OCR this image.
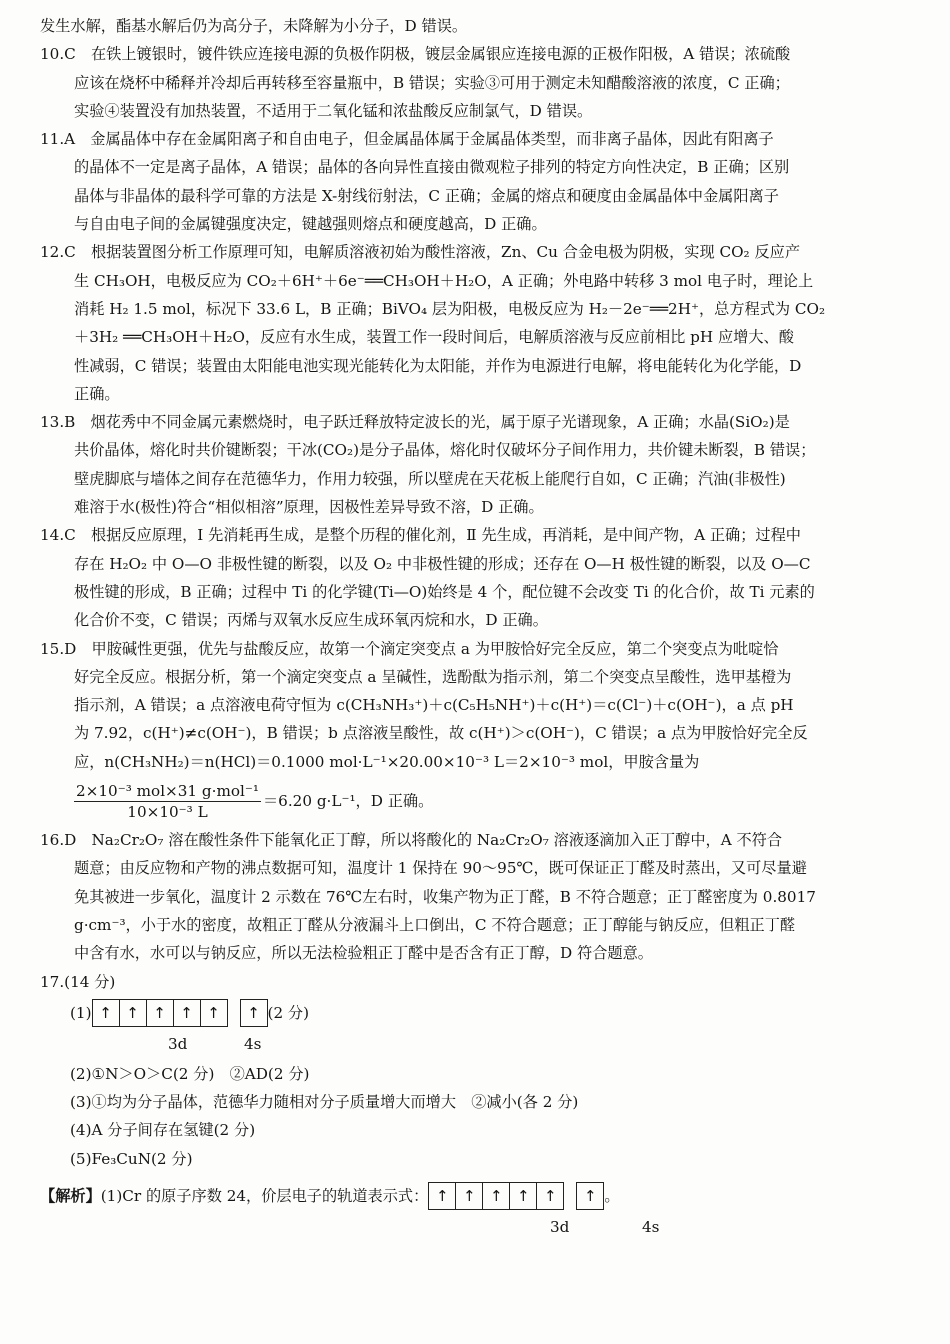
发生水解，酯基水解后仍为高分子，未降解为小分子，D 错误。
10.C　在铁上镀银时，镀件铁应连接电源的负极作阴极，镀层金属银应连接电源的正极作阳极，A 错误；浓硫酸
应该在烧杯中稀释并冷却后再转移至容量瓶中，B 错误；实验③可用于测定未知醋酸溶液的浓度，C 正确；
实验④装置没有加热装置，不适用于二氧化锰和浓盐酸反应制氯气，D 错误。
11.A　金属晶体中存在金属阳离子和自由电子，但金属晶体属于金属晶体类型，而非离子晶体，因此有阳离子
的晶体不一定是离子晶体，A 错误；晶体的各向异性直接由微观粒子排列的特定方向性决定，B 正确；区别
晶体与非晶体的最科学可靠的方法是 X-射线衍射法，C 正确；金属的熔点和硬度由金属晶体中金属阳离子
与自由电子间的金属键强度决定，键越强则熔点和硬度越高，D 正确。
12.C　根据装置图分析工作原理可知，电解质溶液初始为酸性溶液，Zn、Cu 合金电极为阴极，实现 CO₂ 反应产
生 CH₃OH，电极反应为 CO₂＋6H⁺＋6e⁻══CH₃OH＋H₂O，A 正确；外电路中转移 3 mol 电子时，理论上
消耗 H₂ 1.5 mol，标况下 33.6 L，B 正确；BiVO₄ 层为阳极，电极反应为 H₂－2e⁻══2H⁺，总方程式为 CO₂
＋3H₂ ══CH₃OH＋H₂O，反应有水生成，装置工作一段时间后，电解质溶液与反应前相比 pH 应增大、酸
性减弱，C 错误；装置由太阳能电池实现光能转化为太阳能，并作为电源进行电解，将电能转化为化学能，D
正确。
13.B　烟花秀中不同金属元素燃烧时，电子跃迁释放特定波长的光，属于原子光谱现象，A 正确；水晶(SiO₂)是
共价晶体，熔化时共价键断裂；干冰(CO₂)是分子晶体，熔化时仅破坏分子间作用力，共价键未断裂，B 错误；
壁虎脚底与墙体之间存在范德华力，作用力较强，所以壁虎在天花板上能爬行自如，C 正确；汽油(非极性)
难溶于水(极性)符合“相似相溶”原理，因极性差异导致不溶，D 正确。
14.C　根据反应原理，Ⅰ 先消耗再生成，是整个历程的催化剂，Ⅱ 先生成，再消耗，是中间产物，A 正确；过程中
存在 H₂O₂ 中 O—O 非极性键的断裂，以及 O₂ 中非极性键的形成；还存在 O—H 极性键的断裂，以及 O—C
极性键的形成，B 正确；过程中 Ti 的化学键(Ti—O)始终是 4 个，配位键不会改变 Ti 的化合价，故 Ti 元素的
化合价不变，C 错误；丙烯与双氧水反应生成环氧丙烷和水，D 正确。
15.D　甲胺碱性更强，优先与盐酸反应，故第一个滴定突变点 a 为甲胺恰好完全反应，第二个突变点为吡啶恰
好完全反应。根据分析，第一个滴定突变点 a 呈碱性，选酚酞为指示剂，第二个突变点呈酸性，选甲基橙为
指示剂，A 错误；a 点溶液电荷守恒为 c(CH₃NH₃⁺)＋c(C₅H₅NH⁺)＋c(H⁺)＝c(Cl⁻)＋c(OH⁻)，a 点 pH
为 7.92，c(H⁺)≠c(OH⁻)，B 错误；b 点溶液呈酸性，故 c(H⁺)＞c(OH⁻)，C 错误；a 点为甲胺恰好完全反
应，n(CH₃NH₂)＝n(HCl)＝0.1000 mol·L⁻¹×20.00×10⁻³ L＝2×10⁻³ mol，甲胺含量为
$\frac{\text{2×10⁻³ mol×31 g·mol⁻¹}}{\text{10×10⁻³ L}} =6.20$ g·L⁻¹，D 正确。
16.D　Na₂Cr₂O₇ 溶在酸性条件下能氧化正丁醇，所以将酸化的 Na₂Cr₂O₇ 溶液逐滴加入正丁醇中，A 不符合
题意；由反应物和产物的沸点数据可知，温度计 1 保持在 90～95℃，既可保证正丁醛及时蒸出，又可尽量避
免其被进一步氧化，温度计 2 示数在 76℃左右时，收集产物为正丁醛，B 不符合题意；正丁醛密度为 0.8017
g·cm⁻³，小于水的密度，故粗正丁醛从分液漏斗上口倒出，C 不符合题意；正丁醇能与钠反应，但粗正丁醛
中含有水，水可以与钠反应，所以无法检验粗正丁醛中是否含有正丁醇，D 符合题意。
17.(14 分)
(1) ↑ ↑ ↑ ↑ ↑	↑ (2 分)
3d	4s
(2)①N＞O＞C(2 分)　②AD(2 分)
(3)①均为分子晶体，范德华力随相对分子质量增大而增大　②减小(各 2 分)
(4)A 分子间存在氢键(2 分)
(5)Fe₃CuN(2 分)
【解析】 (1)Cr 的原子序数 24，价层电子的轨道表示式： ↑ ↑ ↑ ↑ ↑	↑ 。
3d	4s
